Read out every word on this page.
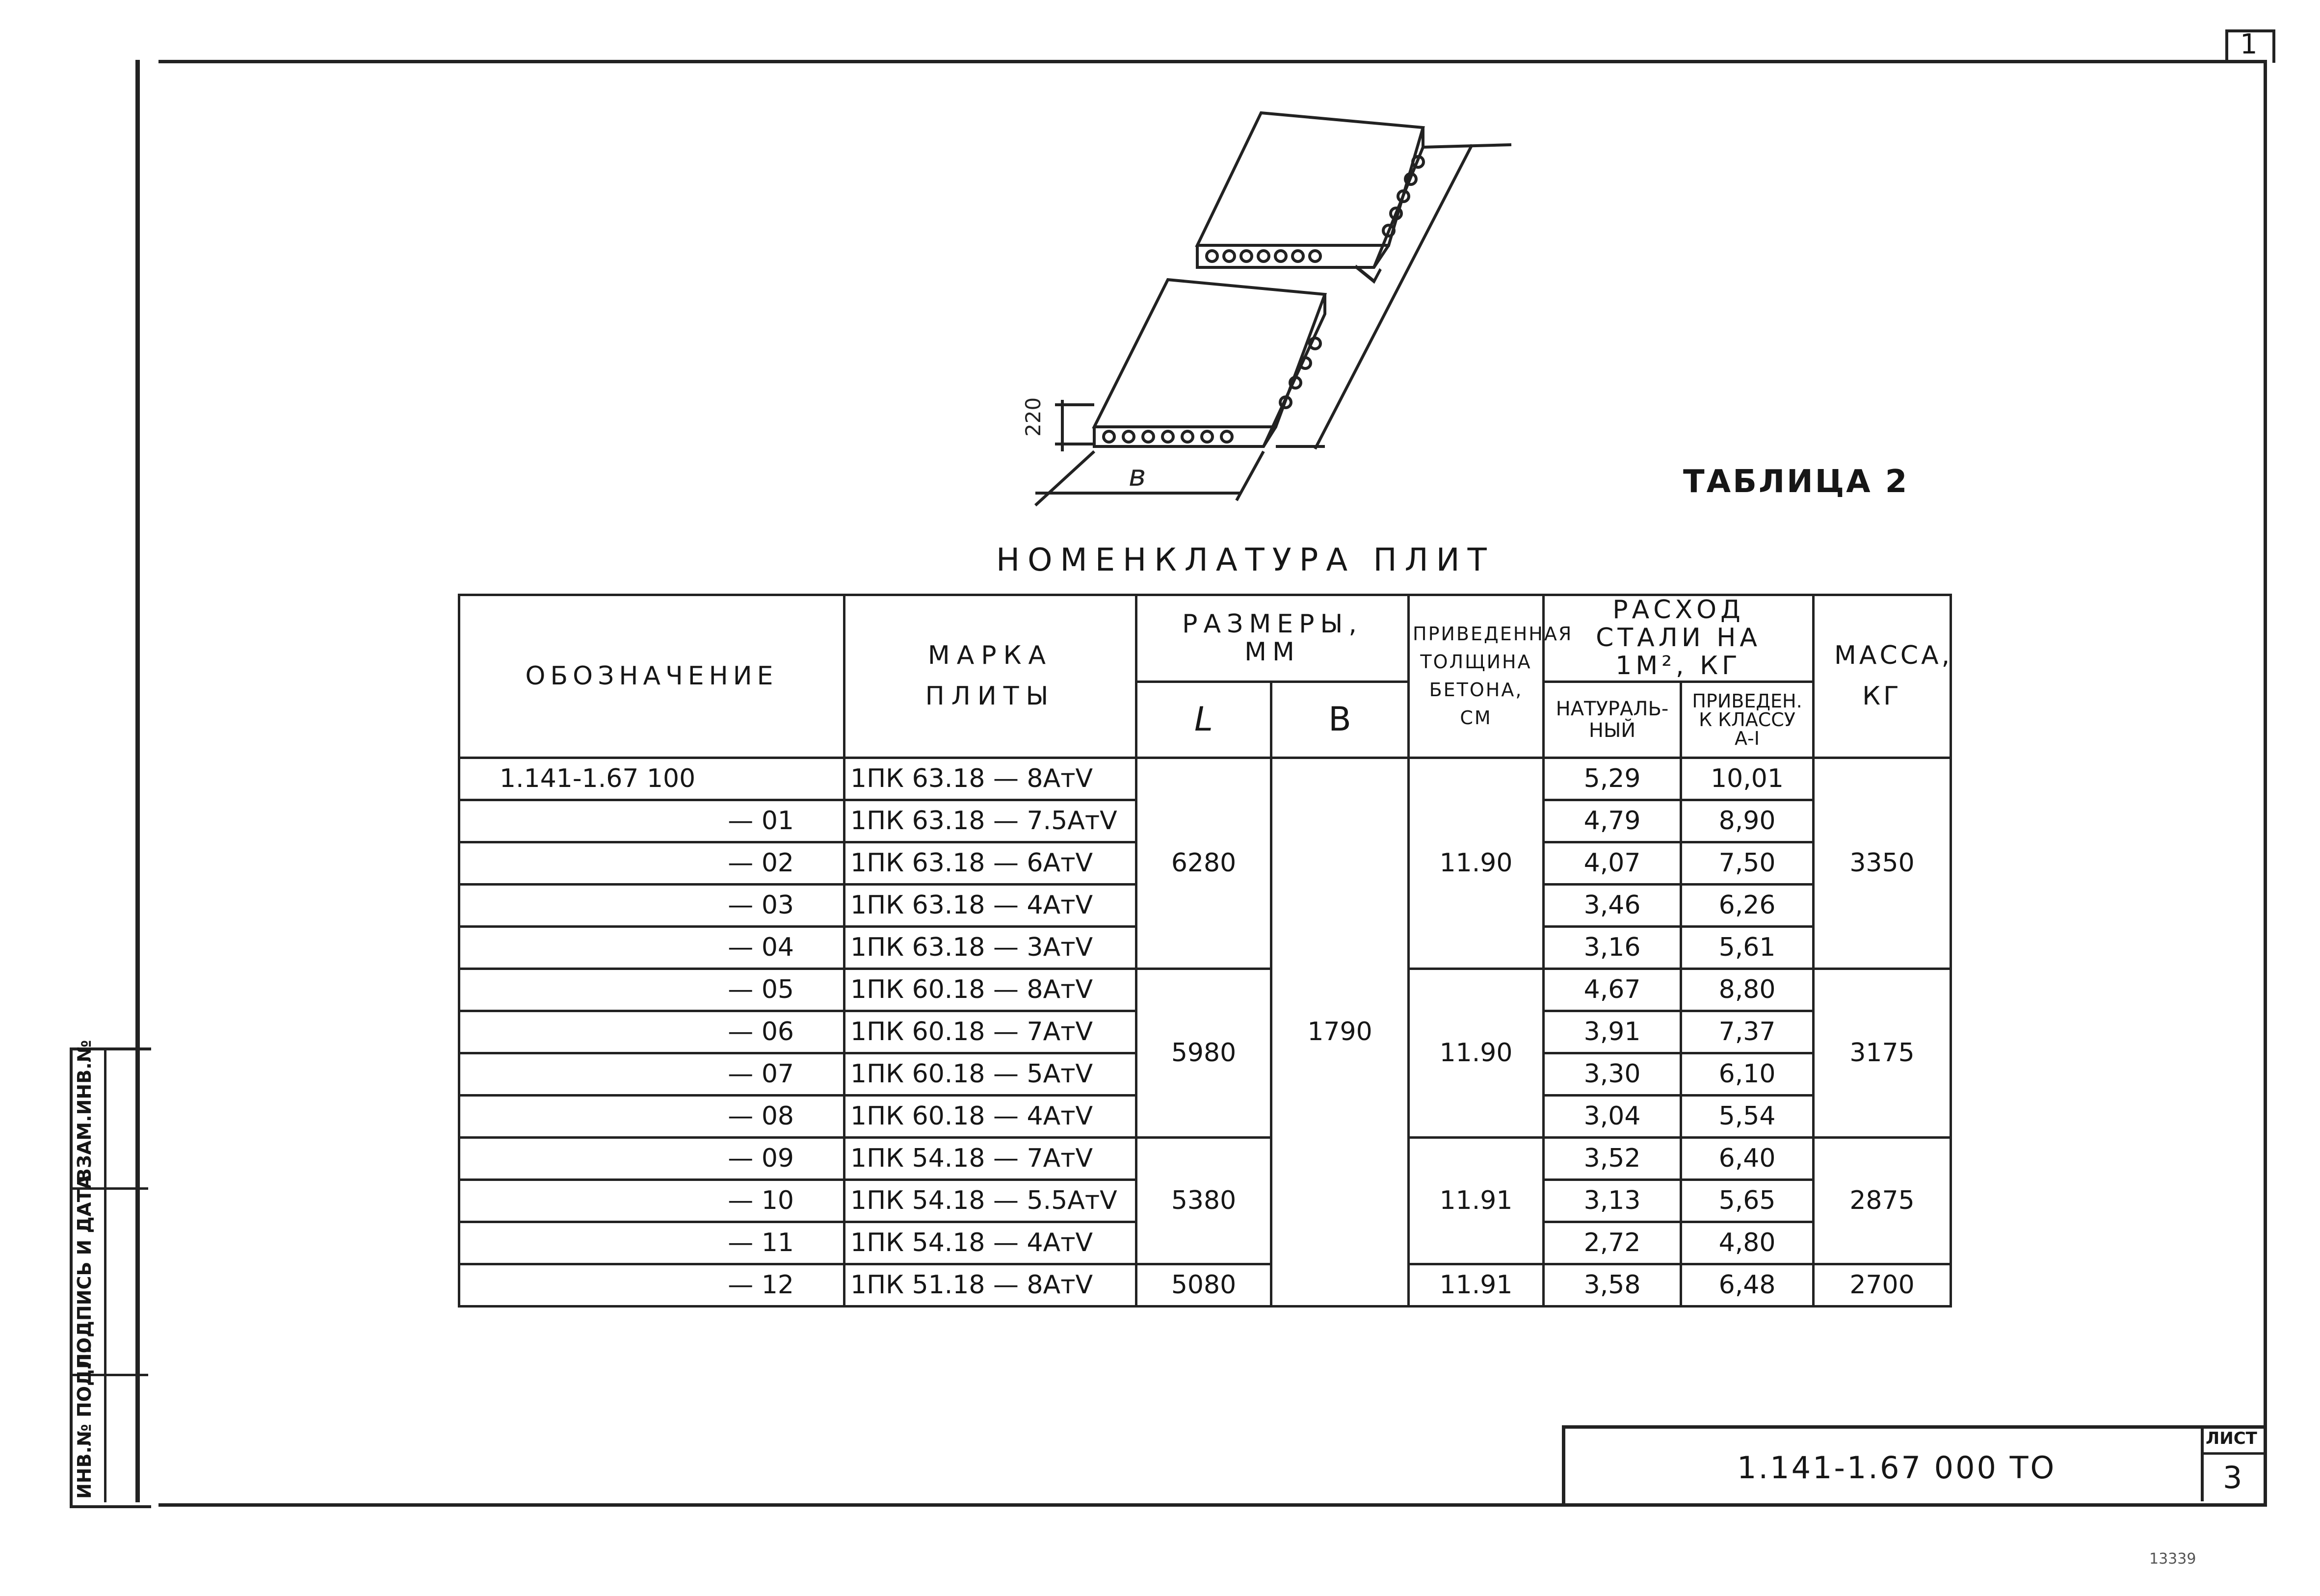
1
220
в
L
ТАБЛИЦА 2
НОМЕНКЛАТУРА ПЛИТ
ОБОЗНАЧЕНИЕ	МАРКА ПЛИТЫ	РАЗМЕРЫ, ММ		ПРИВЕДЕННАЯ ТОЛЩИНА БЕТОНА, СМ	РАСХОД СТАЛИ НА 1М², КГ		МАССА, КГ
		L	В		НАТУРАЛЬ-НЫЙ	ПРИВЕДЕН. К КЛАССУ А-I	
1.141-1.67 100	1ПК 63.18 — 8АтV	6280	1790	11.90	5,29	10,01	3350
— 01	1ПК 63.18 — 7.5АтV				4,79	8,90	
— 02	1ПК 63.18 — 6АтV				4,07	7,50	
— 03	1ПК 63.18 — 4АтV				3,46	6,26	
— 04	1ПК 63.18 — 3АтV				3,16	5,61	
— 05	1ПК 60.18 — 8АтV	5980		11.90	4,67	8,80	3175
— 06	1ПК 60.18 — 7АтV				3,91	7,37	
— 07	1ПК 60.18 — 5АтV				3,30	6,10	
— 08	1ПК 60.18 — 4АтV				3,04	5,54	
— 09	1ПК 54.18 — 7АтV	5380		11.91	3,52	6,40	2875
— 10	1ПК 54.18 — 5.5АтV				3,13	5,65	
— 11	1ПК 54.18 — 4АтV				2,72	4,80	
— 12	1ПК 51.18 — 8АтV	5080		11.91	3,58	6,48	2700
ИНВ.№ ПОДЛ.
ПОДПИСЬ И ДАТА
ВЗАМ.ИНВ.№
1.141-1.67 000 ТО
ЛИСТ
3
13339
